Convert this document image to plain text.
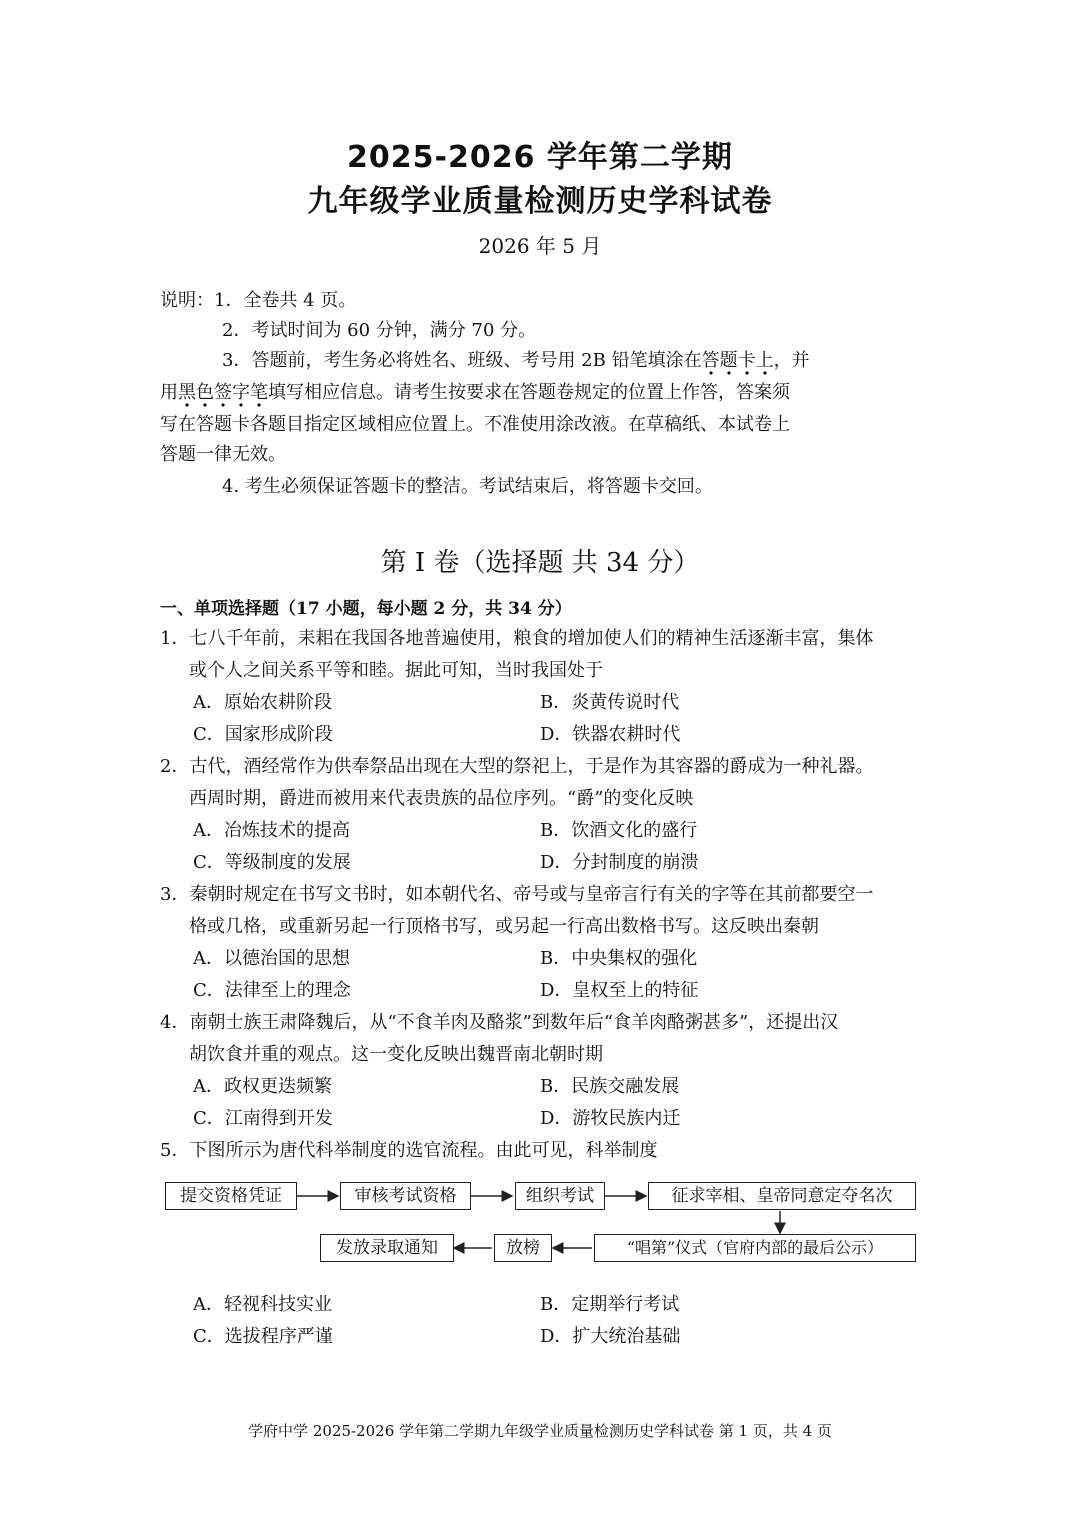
2025-2026 学年第二学期
九年级学业质量检测历史学科试卷
2026 年 5 月
说明：1．全卷共 4 页。
2．考试时间为 60 分钟，满分 70 分。
3．答题前，考生务必将姓名、班级、考号用 2B 铅笔填涂在答题卡上，并
用黑色签字笔填写相应信息。请考生按要求在答题卷规定的位置上作答，答案须
写在答题卡各题目指定区域相应位置上。不准使用涂改液。在草稿纸、本试卷上
答题一律无效。
4. 考生必须保证答题卡的整洁。考试结束后，将答题卡交回。
第 I 卷（选择题 共 34 分）
一、单项选择题（17 小题，每小题 2 分，共 34 分）
1．七八千年前，耒耜在我国各地普遍使用，粮食的增加使人们的精神生活逐渐丰富，集体
或个人之间关系平等和睦。据此可知，当时我国处于
A．原始农耕阶段	B．炎黄传说时代
C．国家形成阶段	D．铁器农耕时代
2．古代，酒经常作为供奉祭品出现在大型的祭祀上，于是作为其容器的爵成为一种礼器。
西周时期，爵进而被用来代表贵族的品位序列。“爵”的变化反映
A．冶炼技术的提高	B．饮酒文化的盛行
C．等级制度的发展	D．分封制度的崩溃
3．秦朝时规定在书写文书时，如本朝代名、帝号或与皇帝言行有关的字等在其前都要空一
格或几格，或重新另起一行顶格书写，或另起一行高出数格书写。这反映出秦朝
A．以德治国的思想	B．中央集权的强化
C．法律至上的理念	D．皇权至上的特征
4．南朝士族王肃降魏后，从“不食羊肉及酪浆”到数年后“食羊肉酪粥甚多”，还提出汉
胡饮食并重的观点。这一变化反映出魏晋南北朝时期
A．政权更迭频繁	B．民族交融发展
C．江南得到开发	D．游牧民族内迁
5．下图所示为唐代科举制度的选官流程。由此可见，科举制度
提交资格凭证	审核考试资格	组织考试	征求宰相、皇帝同意定夺名次
“唱第”仪式（官府内部的最后公示）
放榜
发放录取通知
A．轻视科技实业	B．定期举行考试
C．选拔程序严谨	D．扩大统治基础
学府中学 2025-2026 学年第二学期九年级学业质量检测历史学科试卷 第 1 页，共 4 页
